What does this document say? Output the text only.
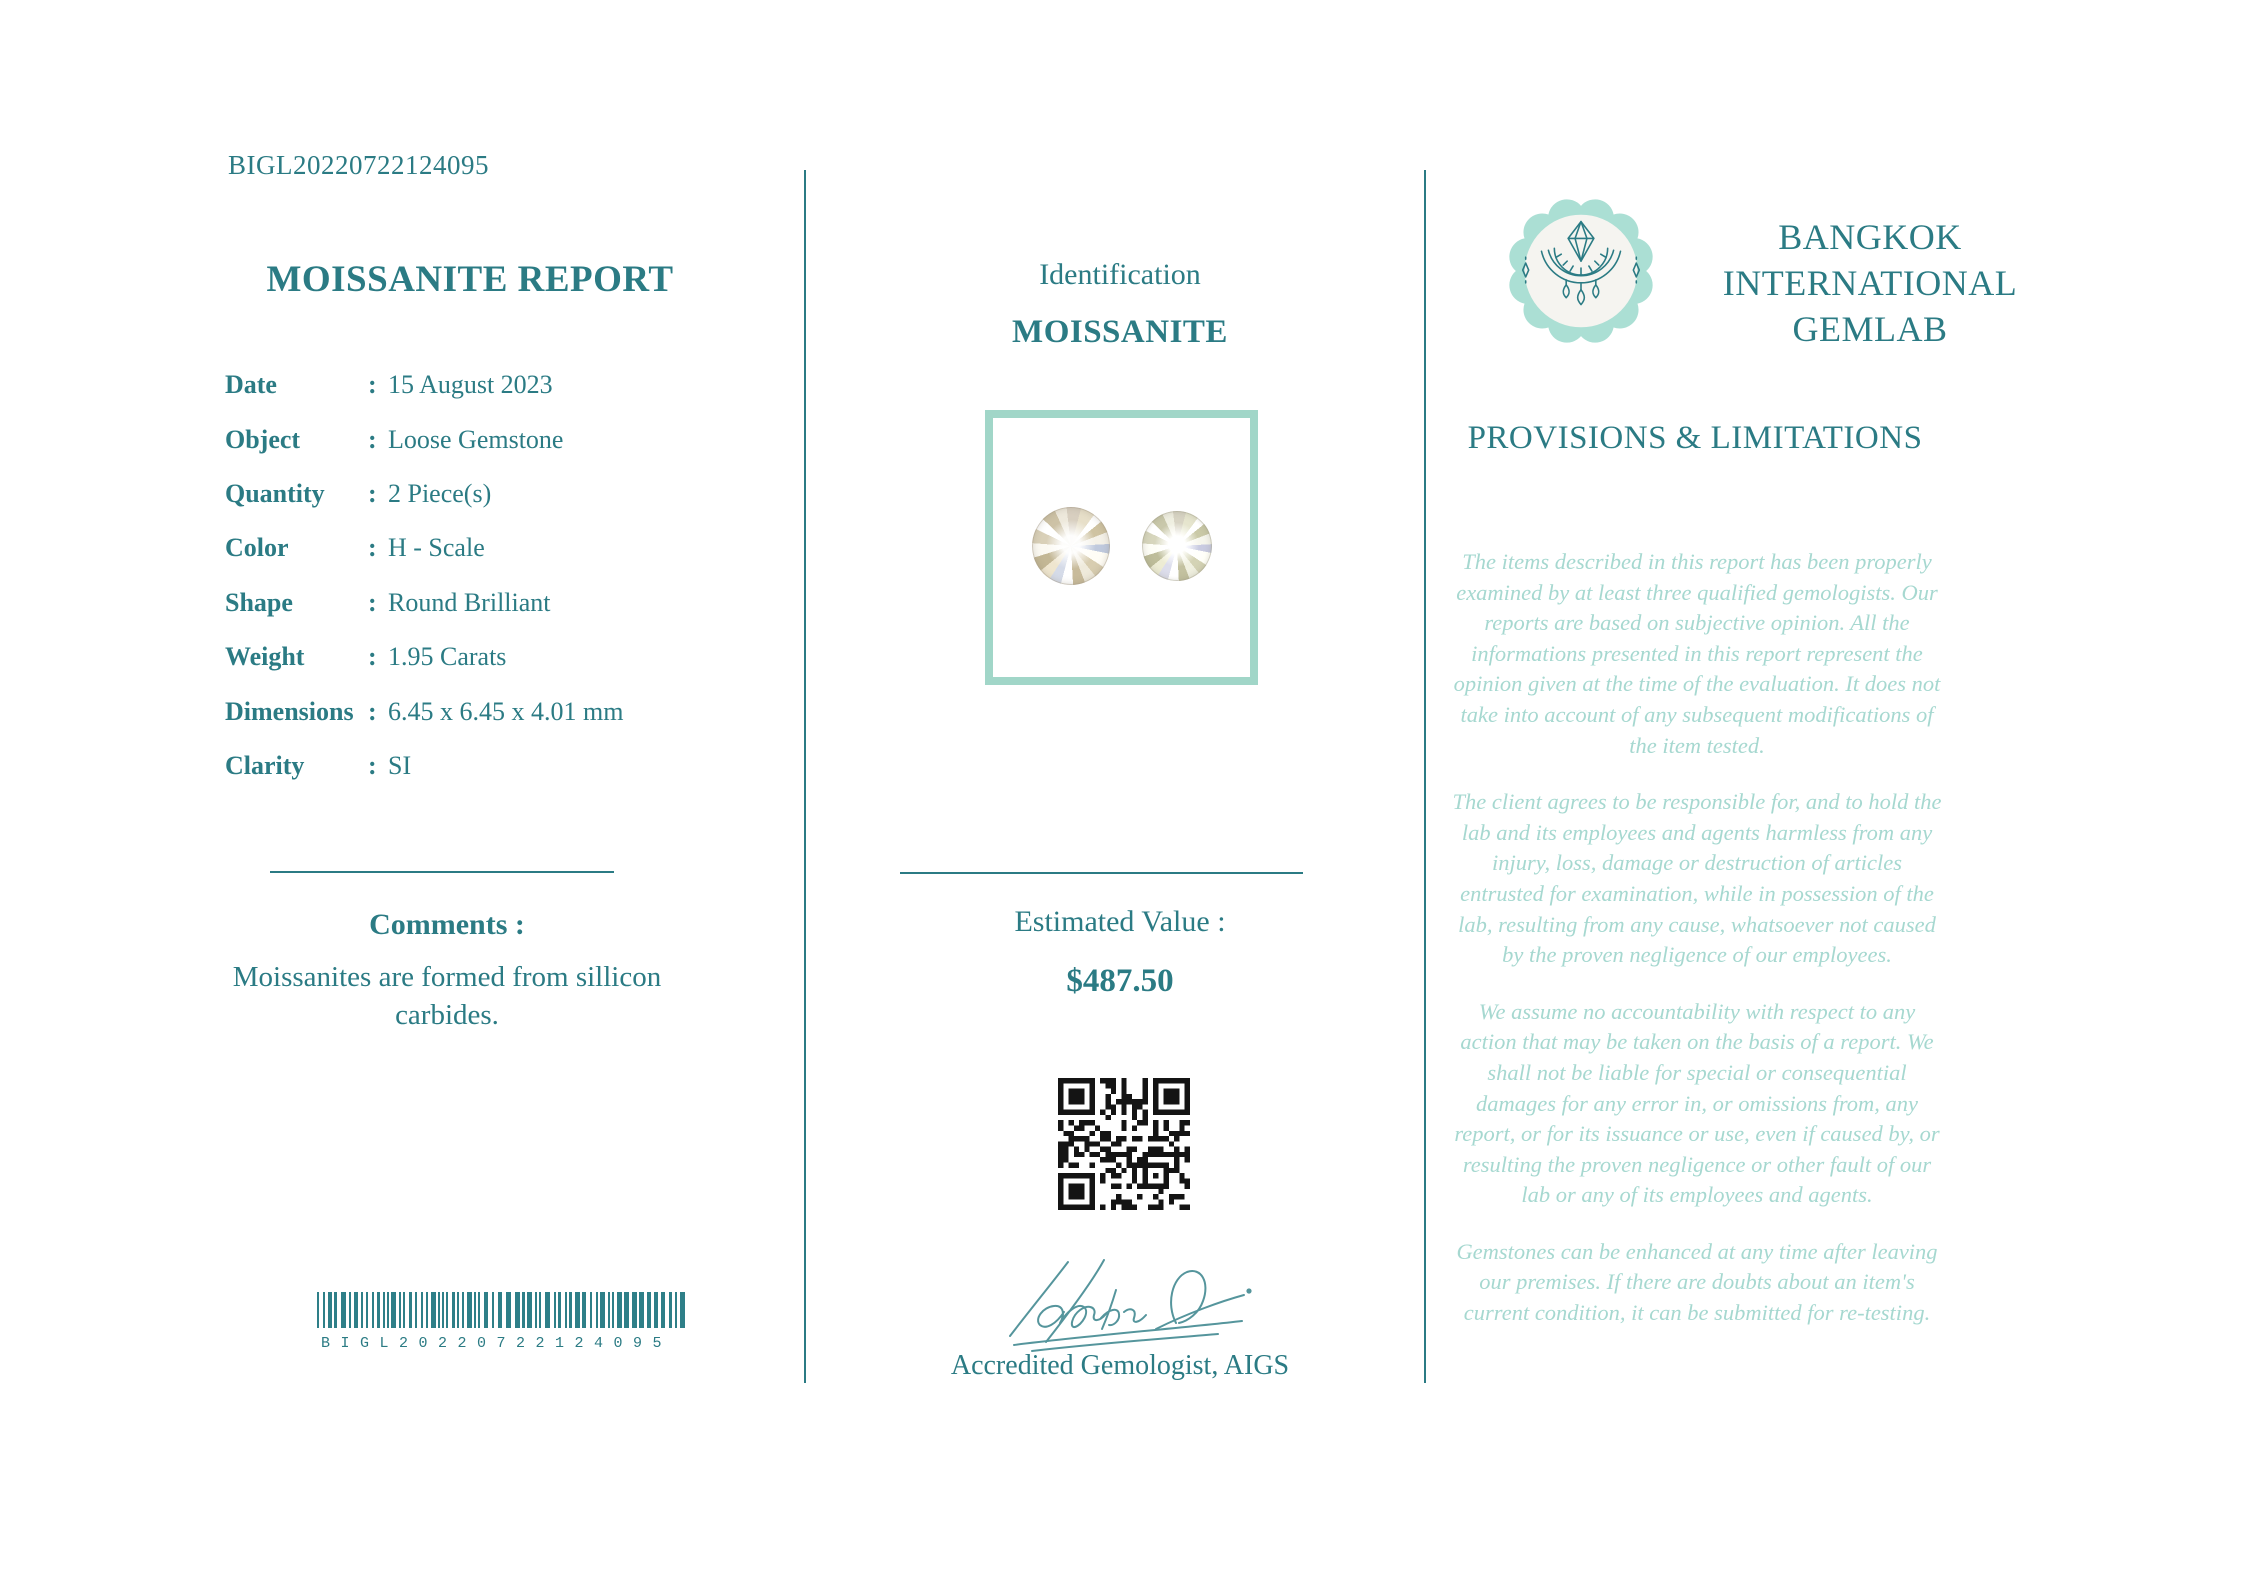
BIGL20220722124095
MOISSANITE REPORT
Date	: 15 August 2023
Object	: Loose Gemstone
Quantity	: 2 Piece(s)
Color	: H - Scale
Shape	: Round Brilliant
Weight	: 1.95 Carats
Dimensions : 6.45 x 6.45 x 4.01 mm
Clarity	: SI
Comments :
Moissanites are formed from sillicon carbides.
BIGL20220722124095
Identification
MOISSANITE
Estimated Value :
$487.50
Accredited Gemologist, AIGS
BANGKOK
INTERNATIONAL
GEMLAB
PROVISIONS & LIMITATIONS
The items described in this report has been properly examined by at least three qualified gemologists. Our reports are based on subjective opinion. All the informations presented in this report represent the opinion given at the time of the evaluation. It does not take into account of any subsequent modifications of the item tested.
The client agrees to be responsible for, and to hold the lab and its employees and agents harmless from any injury, loss, damage or destruction of articles entrusted for examination, while in possession of the lab, resulting from any cause, whatsoever not caused by the proven negligence of our employees.
We assume no accountability with respect to any action that may be taken on the basis of a report. We shall not be liable for special or consequential damages for any error in, or omissions from, any report, or for its issuance or use, even if caused by, or resulting the proven negligence or other fault of our lab or any of its employees and agents.
Gemstones can be enhanced at any time after leaving our premises. If there are doubts about an item's current condition, it can be submitted for re-testing.
